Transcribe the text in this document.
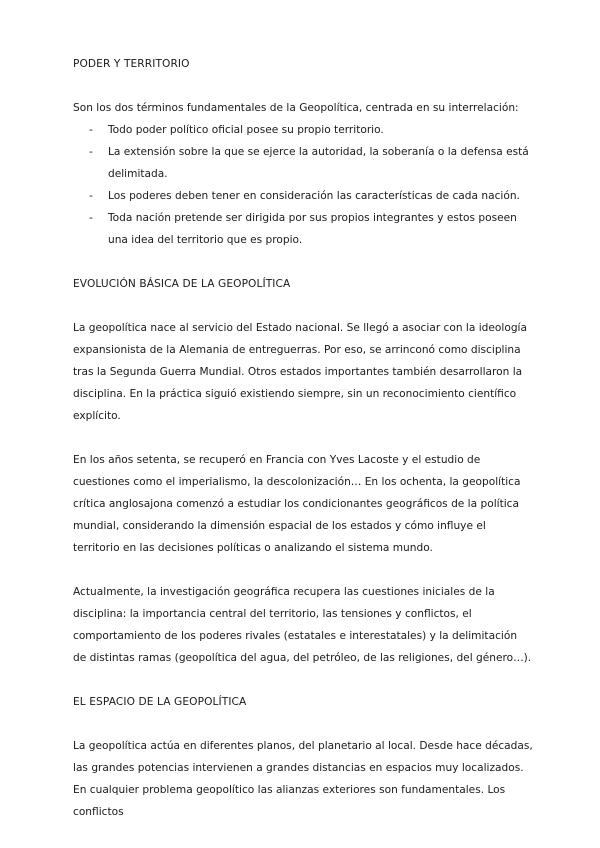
PODER Y TERRITORIO

Son los dos términos fundamentales de la Geopolítica, centrada en su interrelación:

- Todo poder político oficial posee su propio territorio.
- La extensión sobre la que se ejerce la autoridad, la soberanía o la defensa está delimitada.
- Los poderes deben tener en consideración las características de cada nación.
- Toda nación pretende ser dirigida por sus propios integrantes y estos poseen una idea del territorio que es propio.

EVOLUCIÓN BÁSICA DE LA GEOPOLÍTICA

La geopolítica nace al servicio del Estado nacional. Se llegó a asociar con la ideología expansionista de la Alemania de entreguerras. Por eso, se arrinconó como disciplina tras la Segunda Guerra Mundial. Otros estados importantes también desarrollaron la disciplina. En la práctica siguió existiendo siempre, sin un reconocimiento científico explícito.

En los años setenta, se recuperó en Francia con Yves Lacoste y el estudio de cuestiones como el imperialismo, la descolonización… En los ochenta, la geopolítica crítica anglosajona comenzó a estudiar los condicionantes geográficos de la política mundial, considerando la dimensión espacial de los estados y cómo influye el territorio en las decisiones políticas o analizando el sistema mundo.

Actualmente, la investigación geográfica recupera las cuestiones iniciales de la disciplina: la importancia central del territorio, las tensiones y conflictos, el comportamiento de los poderes rivales (estatales e interestatales) y la delimitación de distintas ramas (geopolítica del agua, del petróleo, de las religiones, del género…).

EL ESPACIO DE LA GEOPOLÍTICA

La geopolítica actúa en diferentes planos, del planetario al local. Desde hace décadas, las grandes potencias intervienen a grandes distancias en espacios muy localizados. En cualquier problema geopolítico las alianzas exteriores son fundamentales. Los conflictos
